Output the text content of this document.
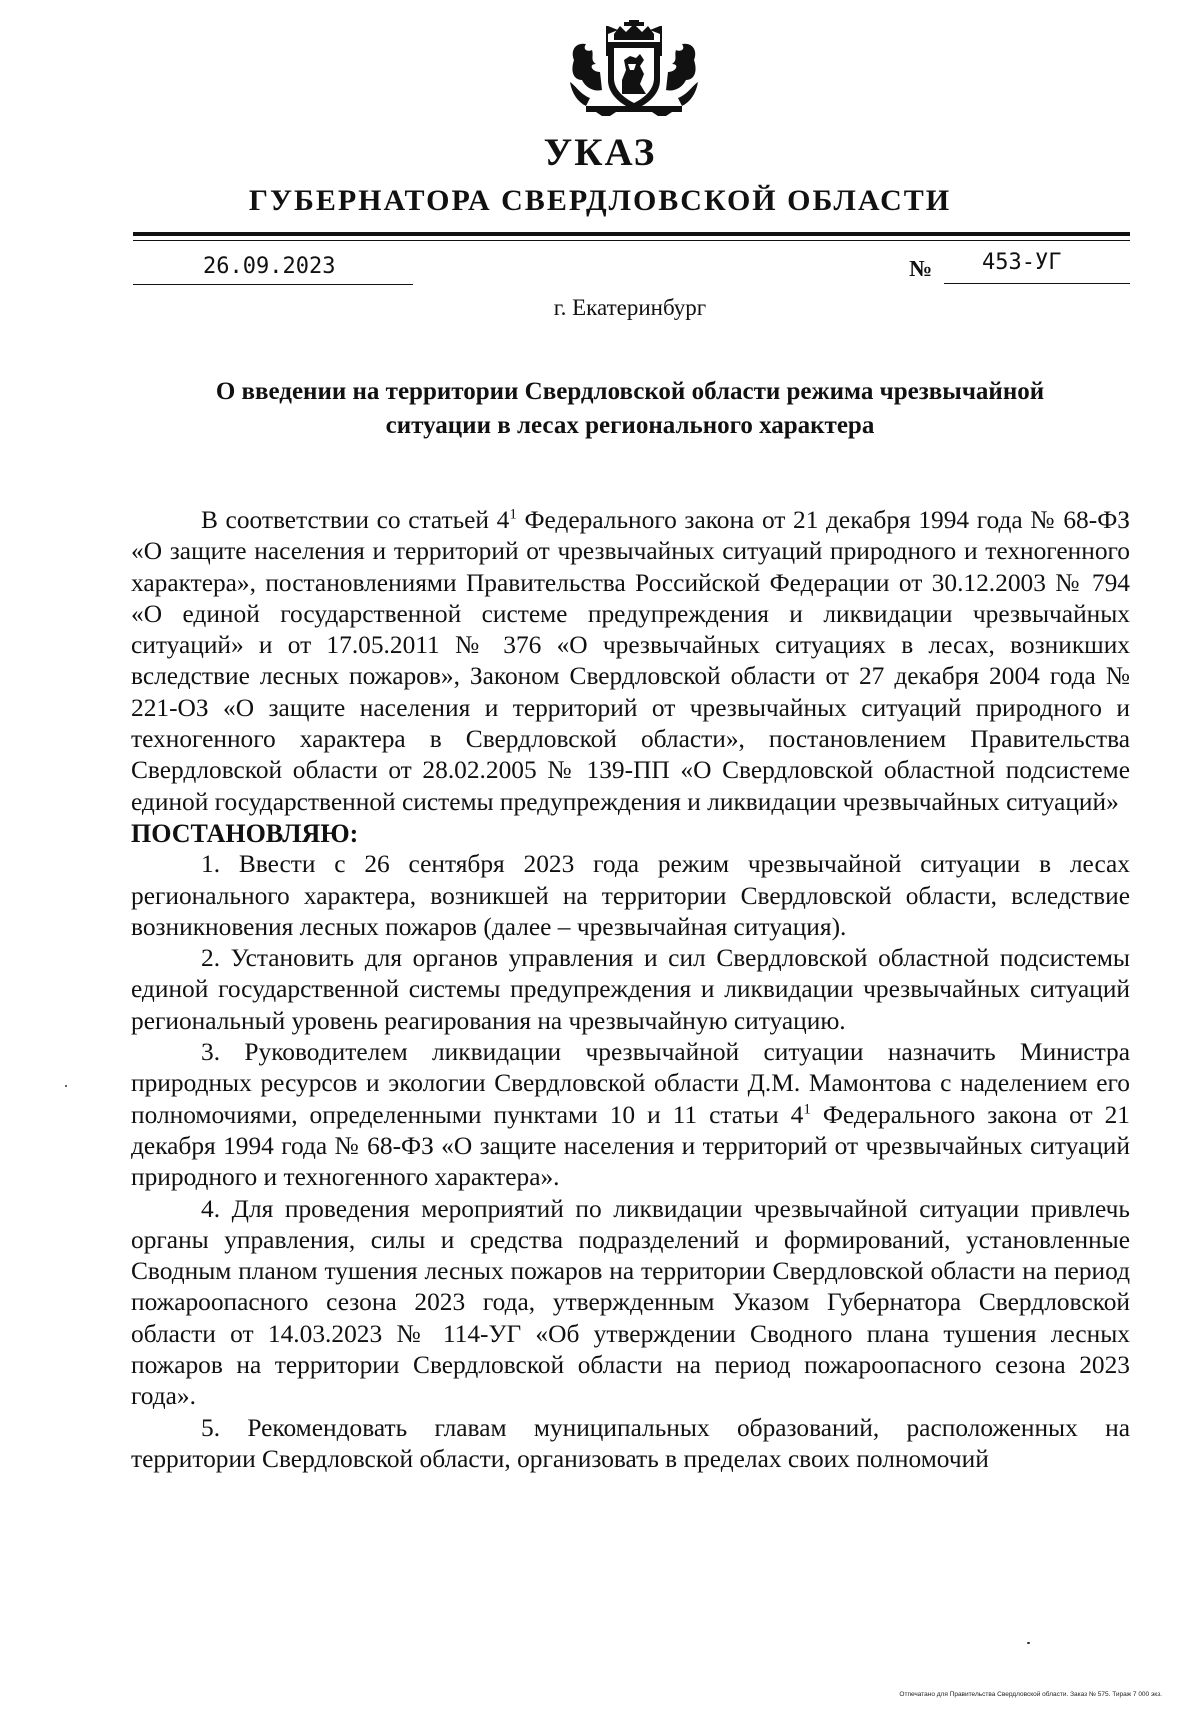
УКАЗ
ГУБЕРНАТОРА СВЕРДЛОВСКОЙ ОБЛАСТИ
26.09.2023	№	453-УГ
г. Екатеринбург
О введении на территории Свердловской области режима чрезвычайной
ситуации в лесах регионального характера

В соответствии со статьей $4^1$ Федерального закона от 21 декабря 1994 года № 68-ФЗ «О защите населения и территорий от чрезвычайных ситуаций природного и техногенного характера», постановлениями Правительства Российской Федерации от 30.12.2003 № 794 «О единой государственной системе предупреждения и ликвидации чрезвычайных ситуаций» и от 17.05.2011 № 376 «О чрезвычайных ситуациях в лесах, возникших вследствие лесных пожаров», Законом Свердловской области от 27 декабря 2004 года № 221-ОЗ «О защите населения и территорий от чрезвычайных ситуаций природного и техногенного характера в Свердловской области», постановлением Правительства Свердловской области от 28.02.2005 № 139-ПП «О Свердловской областной подсистеме единой государственной системы предупреждения и ликвидации чрезвычайных ситуаций»

ПОСТАНОВЛЯЮ:

1. Ввести с 26 сентября 2023 года режим чрезвычайной ситуации в лесах регионального характера, возникшей на территории Свердловской области, вследствие возникновения лесных пожаров (далее – чрезвычайная ситуация).

2. Установить для органов управления и сил Свердловской областной подсистемы единой государственной системы предупреждения и ликвидации чрезвычайных ситуаций региональный уровень реагирования на чрезвычайную ситуацию.

3. Руководителем ликвидации чрезвычайной ситуации назначить Министра природных ресурсов и экологии Свердловской области Д.М. Мамонтова с наделением его полномочиями, определенными пунктами 10 и 11 статьи $4^1$ Федерального закона от 21 декабря 1994 года № 68-ФЗ «О защите населения и территорий от чрезвычайных ситуаций природного и техногенного характера».

4. Для проведения мероприятий по ликвидации чрезвычайной ситуации привлечь органы управления, силы и средства подразделений и формирований, установленные Сводным планом тушения лесных пожаров на территории Свердловской области на период пожароопасного сезона 2023 года, утвержденным Указом Губернатора Свердловской области от 14.03.2023 № 114-УГ «Об утверждении Сводного плана тушения лесных пожаров на территории Свердловской области на период пожароопасного сезона 2023 года».

5. Рекомендовать главам муниципальных образований, расположенных на территории Свердловской области, организовать в пределах своих полномочий

Отпечатано для Правительства Свердловской области. Заказ № 575. Тираж 7 000 экз.
